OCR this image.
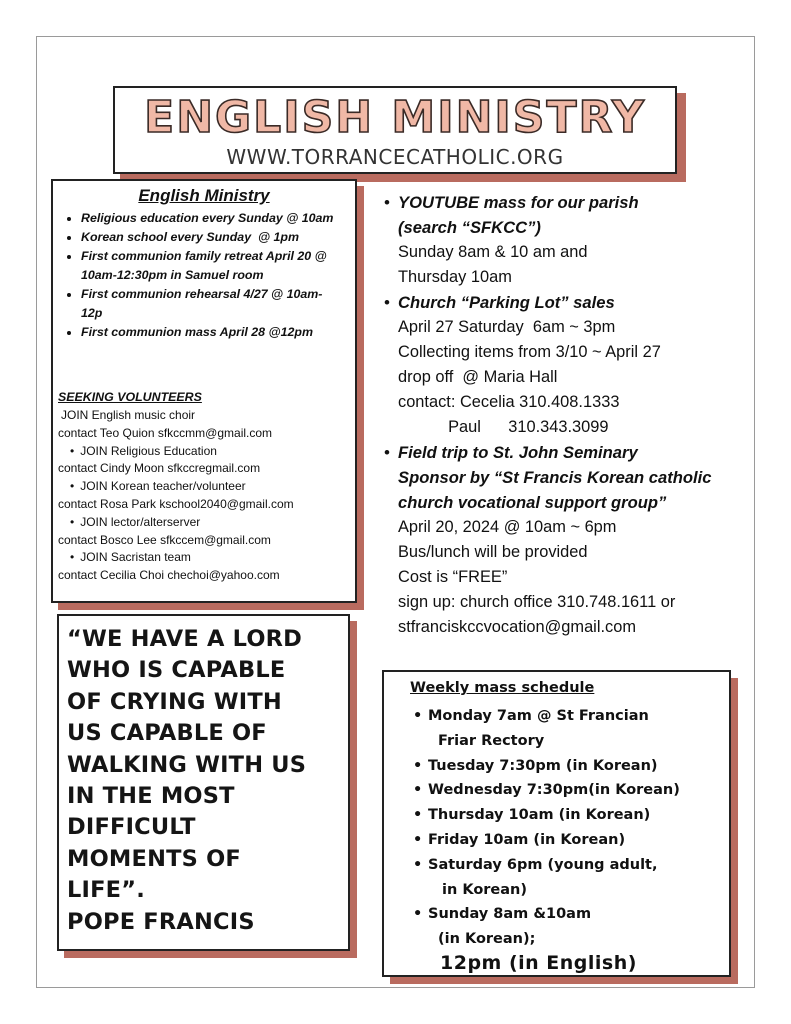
ENGLISH MINISTRY
WWW.TORRANCECATHOLIC.ORG
English Ministry
• Religious education every Sunday @ 10am
• Korean school every Sunday  @ 1pm
• First communion family retreat April 20 @
10am-12:30pm in Samuel room
• First communion rehearsal 4/27 @ 10am-
12p
• First communion mass April 28 @12pm
SEEKING VOLUNTEERS
JOIN English music choir
contact Teo Quion sfkccmm@gmail.com
• JOIN Religious Education
contact Cindy Moon sfkccregmail.com
• JOIN Korean teacher/volunteer
contact Rosa Park kschool2040@gmail.com
• JOIN lector/alterserver
contact Bosco Lee sfkccem@gmail.com
• JOIN Sacristan team
contact Cecilia Choi chechoi@yahoo.com
• YOUTUBE mass for our parish
(search “SFKCC”)
Sunday 8am & 10 am and
Thursday 10am
• Church “Parking Lot” sales
April 27 Saturday  6am ~ 3pm
Collecting items from 3/10 ~ April 27
drop off  @ Maria Hall
contact: Cecelia 310.408.1333
Paul      310.343.3099
• Field trip to St. John Seminary
Sponsor by “St Francis Korean catholic
church vocational support group”
April 20, 2024 @ 10am ~ 6pm
Bus/lunch will be provided
Cost is “FREE”
sign up: church office 310.748.1611 or
stfranciskccvocation@gmail.com
“WE HAVE A LORD
WHO IS CAPABLE
OF CRYING WITH
US CAPABLE OF
WALKING WITH US
IN THE MOST
DIFFICULT
MOMENTS OF
LIFE”.
POPE FRANCIS
Weekly mass schedule
• Monday 7am @ St Francian
Friar Rectory
• Tuesday 7:30pm (in Korean)
• Wednesday 7:30pm(in Korean)
• Thursday 10am (in Korean)
• Friday 10am (in Korean)
• Saturday 6pm (young adult,
in Korean)
• Sunday 8am &10am
(in Korean);
12pm (in English)
